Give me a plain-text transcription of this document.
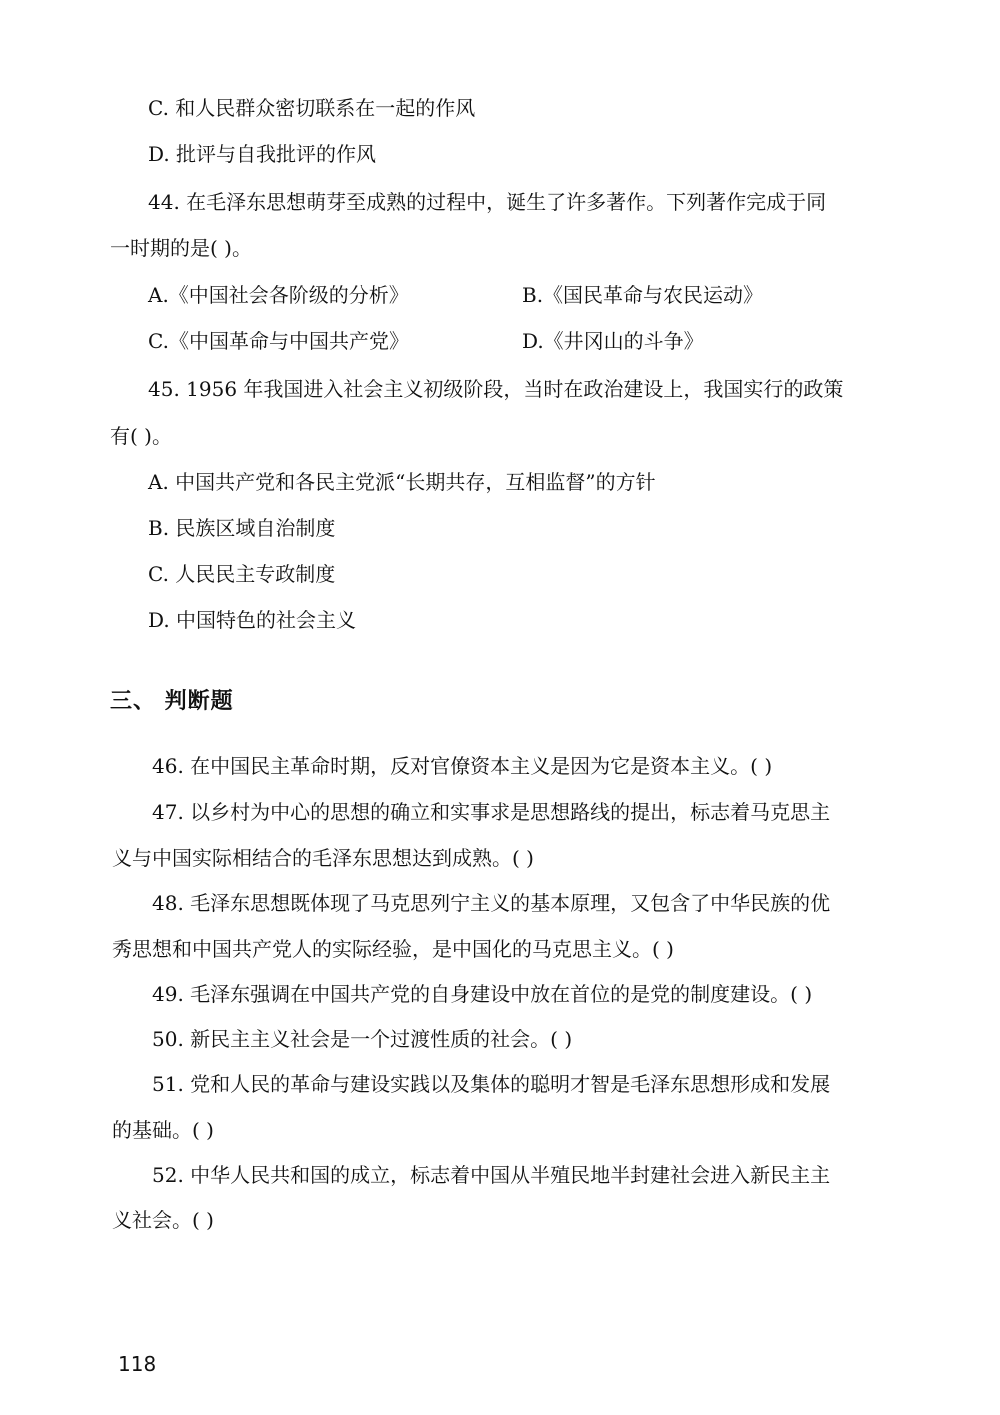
C. 和人民群众密切联系在一起的作风

D. 批评与自我批评的作风

44. 在毛泽东思想萌芽至成熟的过程中，诞生了许多著作。下列著作完成于同

一时期的是( )。

A.《中国社会各阶级的分析》	B.《国民革命与农民运动》

C.《中国革命与中国共产党》	D.《井冈山的斗争》

45. 1956 年我国进入社会主义初级阶段，当时在政治建设上，我国实行的政策

有( )。

A. 中国共产党和各民主党派“长期共存，互相监督”的方针

B. 民族区域自治制度

C. 人民民主专政制度

D. 中国特色的社会主义

三、 判断题

46. 在中国民主革命时期，反对官僚资本主义是因为它是资本主义。( )

47. 以乡村为中心的思想的确立和实事求是思想路线的提出，标志着马克思主

义与中国实际相结合的毛泽东思想达到成熟。( )

48. 毛泽东思想既体现了马克思列宁主义的基本原理，又包含了中华民族的优

秀思想和中国共产党人的实际经验，是中国化的马克思主义。( )

49. 毛泽东强调在中国共产党的自身建设中放在首位的是党的制度建设。( )

50. 新民主主义社会是一个过渡性质的社会。( )

51. 党和人民的革命与建设实践以及集体的聪明才智是毛泽东思想形成和发展

的基础。( )

52. 中华人民共和国的成立，标志着中国从半殖民地半封建社会进入新民主主

义社会。( )

118
